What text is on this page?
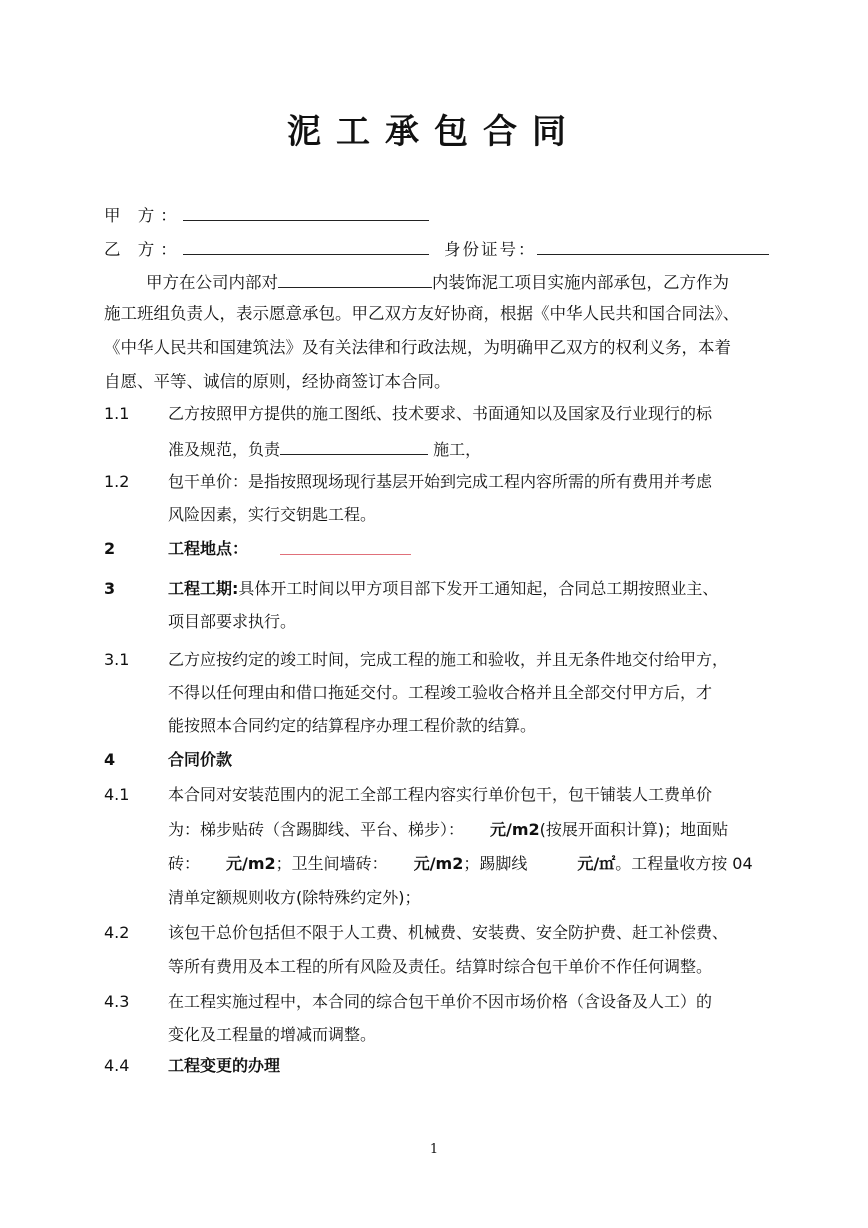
泥工承包合同
甲 方：
乙 方：	身份证号：
甲方在公司内部对	内装饰泥工项目实施内部承包，乙方作为
施工班组负责人，表示愿意承包。甲乙双方友好协商，根据《中华人民共和国合同法》、
《中华人民共和国建筑法》及有关法律和行政法规，为明确甲乙双方的权利义务，本着
自愿、平等、诚信的原则，经协商签订本合同。
1.1 乙方按照甲方提供的施工图纸、技术要求、书面通知以及国家及行业现行的标
准及规范，负责	施工，
1.2 包干单价：是指按照现场现行基层开始到完成工程内容所需的所有费用并考虑
风险因素，实行交钥匙工程。
2	工程地点：
3	工程工期:具体开工时间以甲方项目部下发开工通知起，合同总工期按照业主、
项目部要求执行。
3.1 乙方应按约定的竣工时间，完成工程的施工和验收，并且无条件地交付给甲方，
不得以任何理由和借口拖延交付。工程竣工验收合格并且全部交付甲方后，才
能按照本合同约定的结算程序办理工程价款的结算。
4	合同价款
4.1 本合同对安装范围内的泥工全部工程内容实行单价包干，包干铺装人工费单价
为：梯步贴砖（含踢脚线、平台、梯步）： 元/m2(按展开面积计算)；地面贴
砖： 元/m2；卫生间墙砖： 元/m2；踢脚线	元/㎡。工程量收方按 04
清单定额规则收方(除特殊约定外)；
4.2 该包干总价包括但不限于人工费、机械费、安装费、安全防护费、赶工补偿费、
等所有费用及本工程的所有风险及责任。结算时综合包干单价不作任何调整。
4.3 在工程实施过程中，本合同的综合包干单价不因市场价格（含设备及人工）的
变化及工程量的增减而调整。
4.4 工程变更的办理
1
